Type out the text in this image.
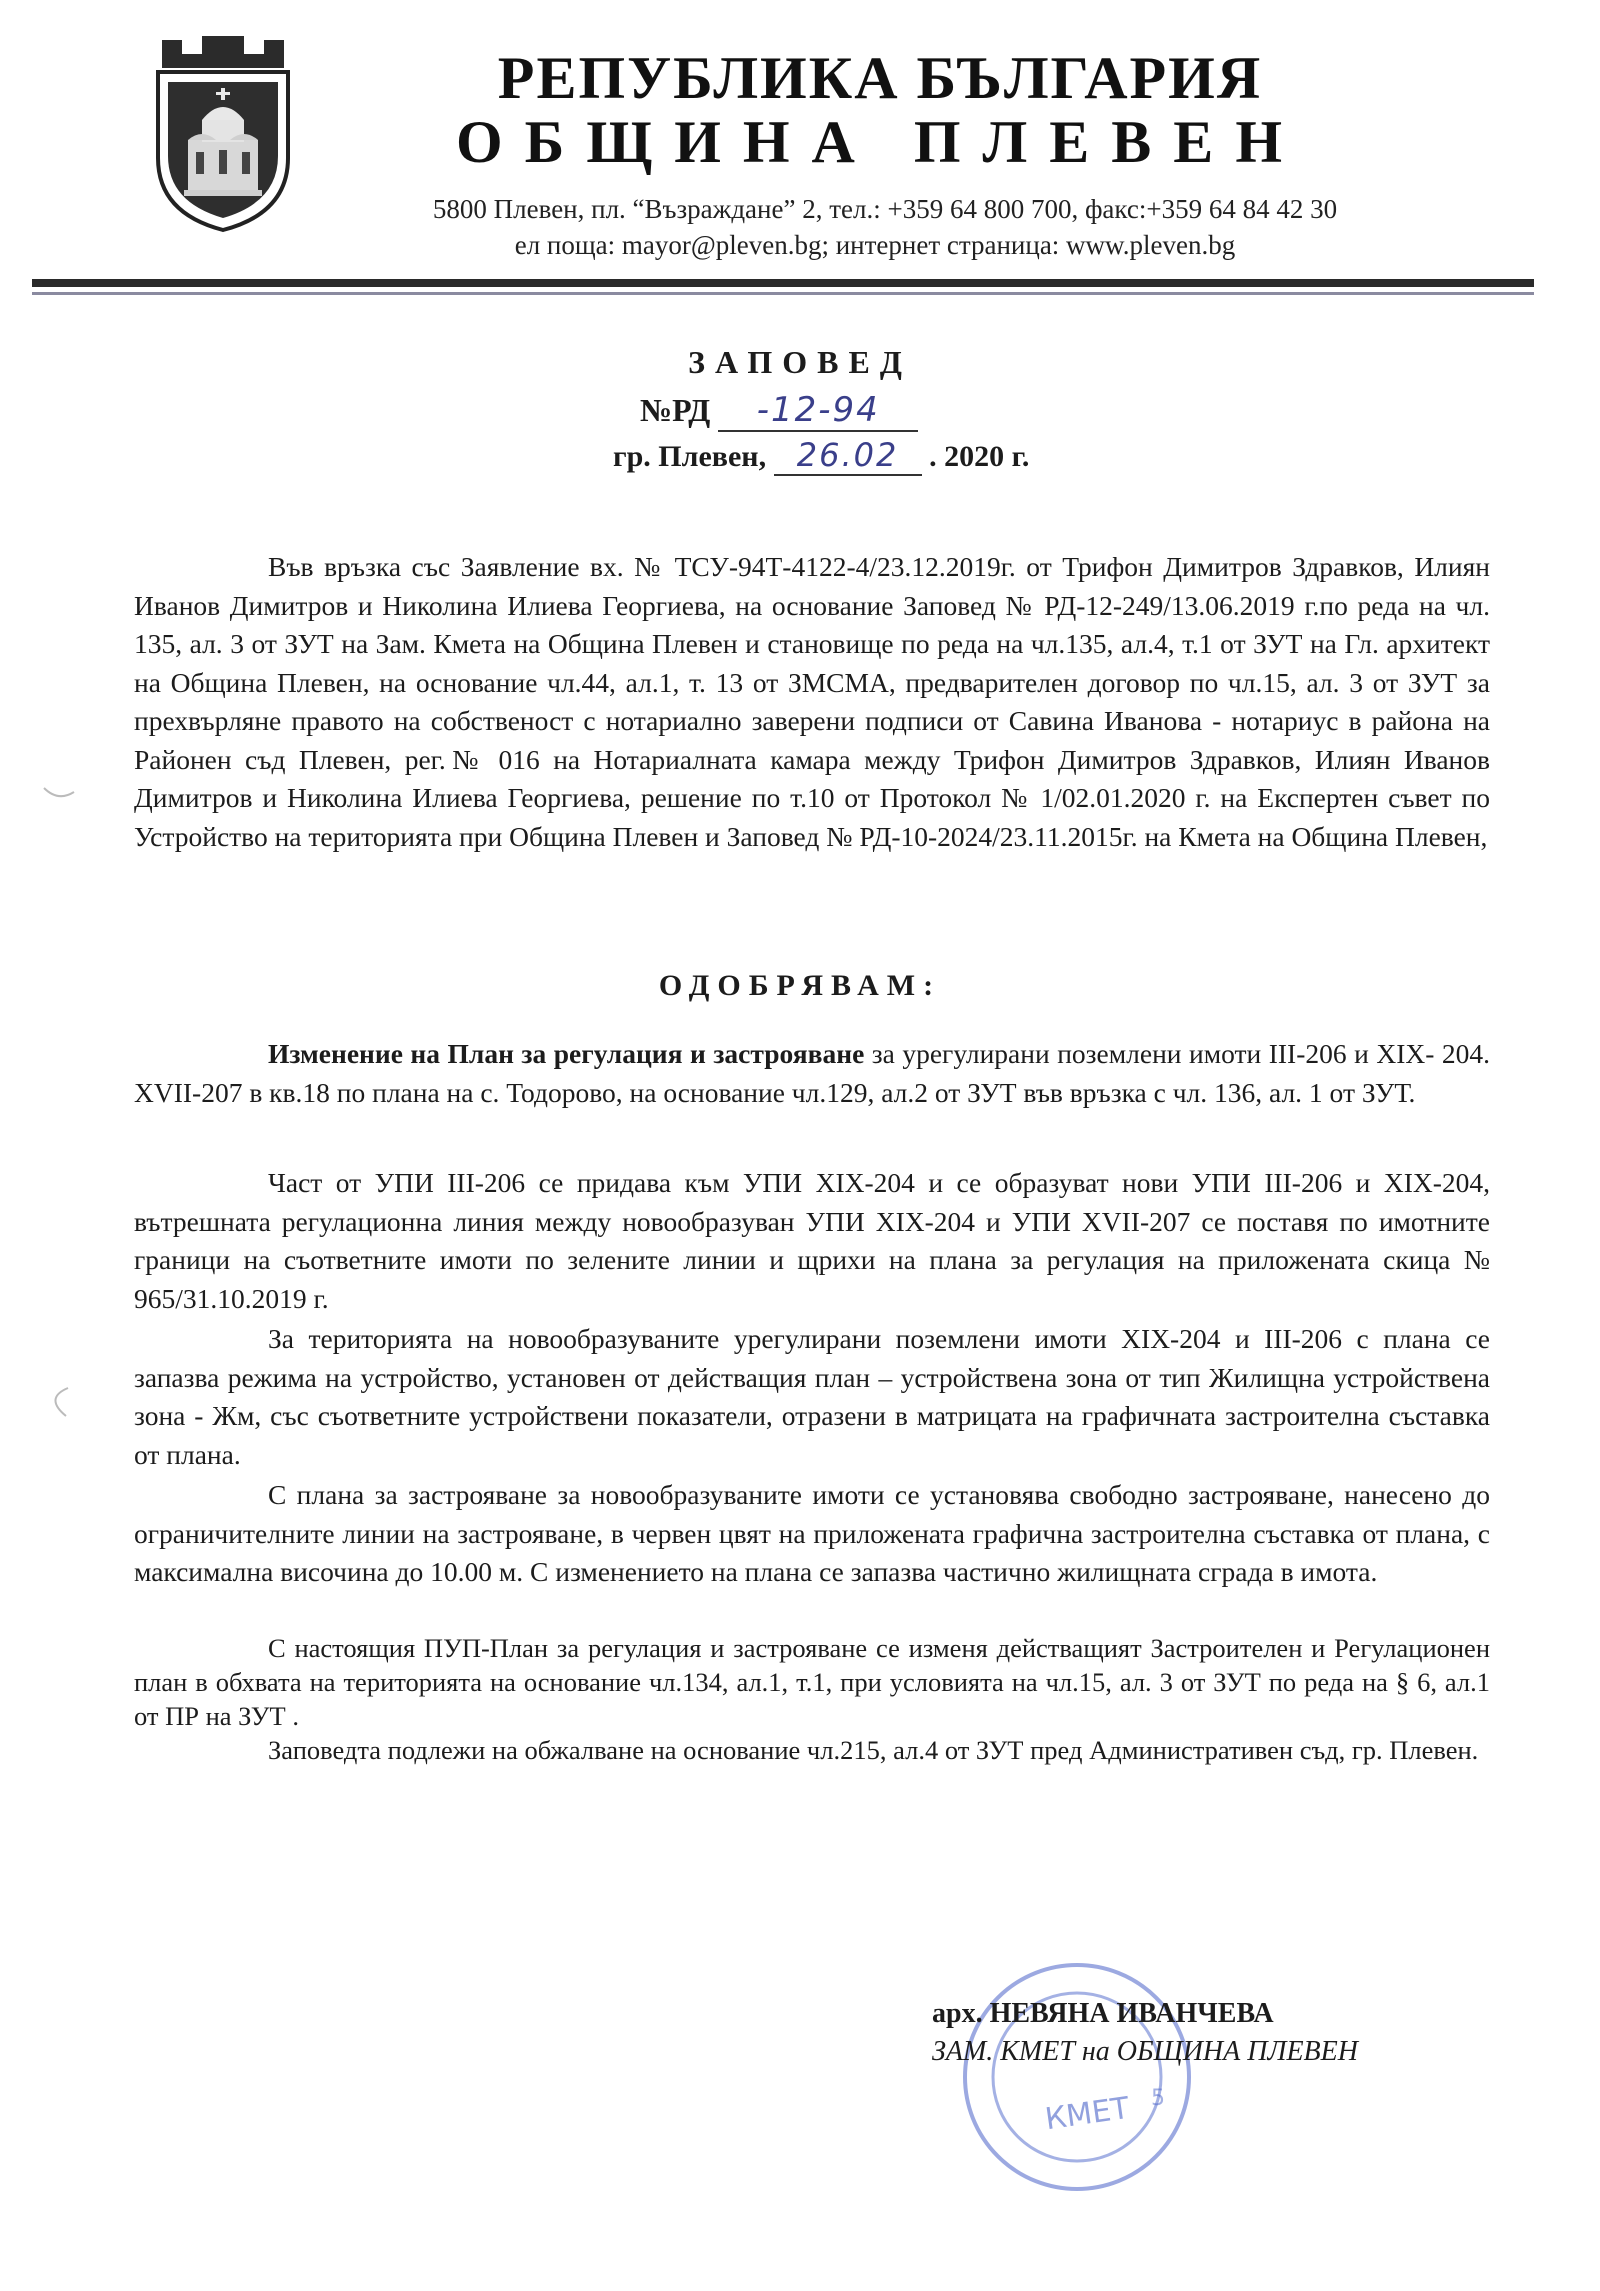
РЕПУБЛИКА БЪЛГАРИЯ
ОБЩИНА ПЛЕВЕН
5800 Плевен, пл. “Възраждане” 2, тел.: +359 64 800 700, факс:+359 64 84 42 30
ел поща: mayor@pleven.bg; интернет страница: www.pleven.bg
ЗАПОВЕД
№РД -12-94
гр. Плевен, 26.02 . 2020 г.
Във връзка със Заявление вх. № ТСУ-94Т-4122-4/23.12.2019г. от Трифон Димитров Здравков, Илиян Иванов Димитров и Николина Илиева Георгиева, на основание Заповед № РД-12-249/13.06.2019 г.по реда на чл. 135, ал. 3 от ЗУТ на Зам. Кмета на Община Плевен и становище по реда на чл.135, ал.4, т.1 от ЗУТ на Гл. архитект на Община Плевен, на основание чл.44, ал.1, т. 13 от ЗМСМА, предварителен договор по чл.15, ал. 3 от ЗУТ за прехвърляне правото на собственост с нотариално заверени подписи от Савина Иванова - нотариус в района на Районен съд Плевен, рег.№ 016 на Нотариалната камара между Трифон Димитров Здравков, Илиян Иванов Димитров и Николина Илиева Георгиева, решение по т.10 от Протокол № 1/02.01.2020 г. на Експертен съвет по Устройство на територията при Община Плевен и Заповед № РД-10-2024/23.11.2015г. на Кмета на Община Плевен,
ОДОБРЯВАМ:
Изменение на План за регулация и застрояване за урегулирани поземлени имоти III-206 и XIX- 204. XVII-207 в кв.18 по плана на с. Тодорово, на основание чл.129, ал.2 от ЗУТ във връзка с чл. 136, ал. 1 от ЗУТ.
Част от УПИ III-206 се придава към УПИ XIX-204 и се образуват нови УПИ III-206 и XIX-204, вътрешната регулационна линия между новообразуван УПИ XIX-204 и УПИ XVII-207 се поставя по имотните граници на съответните имоти по зелените линии и щрихи на плана за регулация на приложената скица № 965/31.10.2019 г.
За територията на новообразуваните урегулирани поземлени имоти XIX-204 и III-206 с плана се запазва режима на устройство, установен от действащия план – устройствена зона от тип Жилищна устройствена зона - Жм, със съответните устройствени показатели, отразени в матрицата на графичната застроителна съставка от плана.
С плана за застрояване за новообразуваните имоти се установява свободно застрояване, нанесено до ограничителните линии на застрояване, в червен цвят на приложената графична застроителна съставка от плана, с максимална височина до 10.00 м. С изменението на плана се запазва частично жилищната сграда в имота.
С настоящия ПУП-План за регулация и застрояване се изменя действащият Застроителен и Регулационен план в обхвата на територията на основание чл.134, ал.1, т.1, при условията на чл.15, ал. 3 от ЗУТ по реда на § 6, ал.1 от ПР на ЗУТ .
Заповедта подлежи на обжалване на основание чл.215, ал.4 от ЗУТ пред Административен съд, гр. Плевен.
КМЕТ 5
арх. НЕВЯНА ИВАНЧЕВА
ЗАМ. КМЕТ на ОБЩИНА ПЛЕВЕН
